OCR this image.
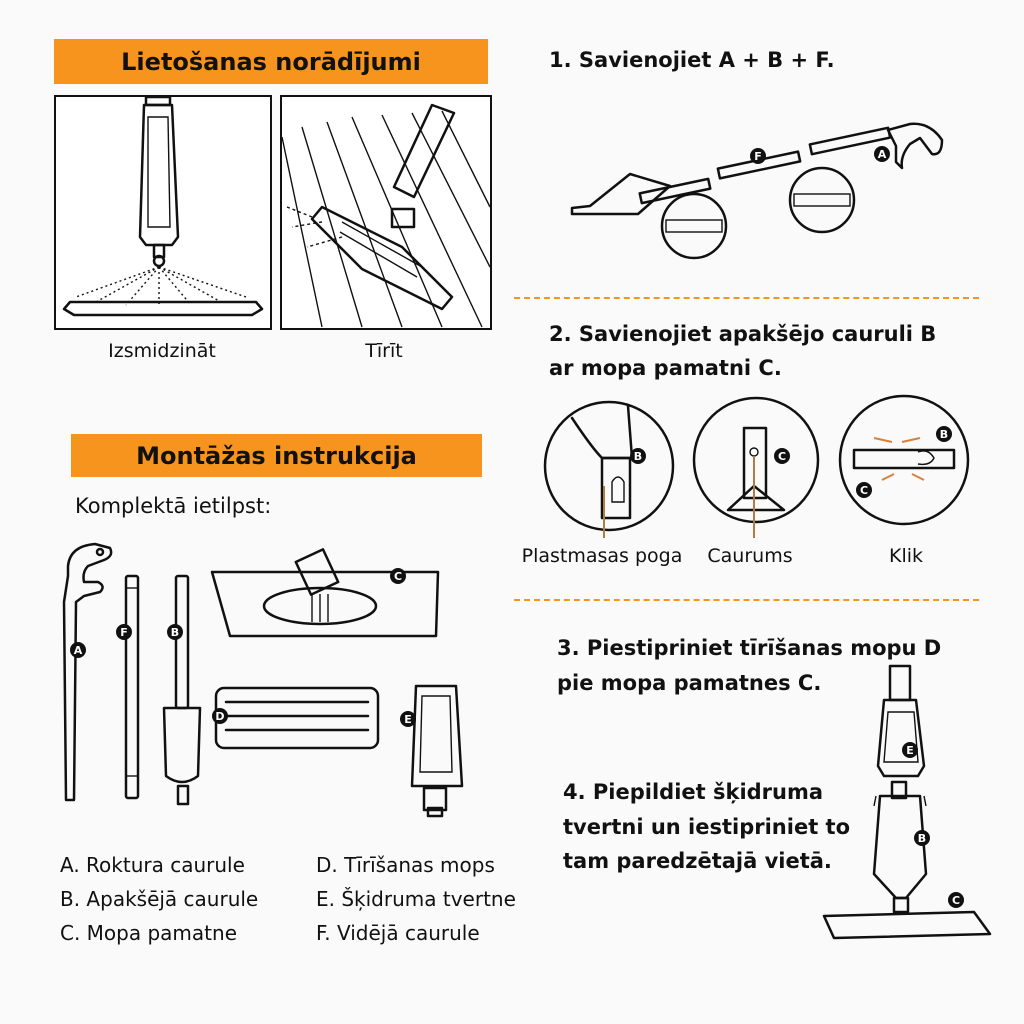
Lietošanas norādījumi
Izsmidzināt	Tīrīt
Montāžas instrukcija
Komplektā ietilpst:
A
F	B
C
D	E
A. Roktura caurule
B. Apakšējā caurule
C. Mopa pamatne
D. Tīrīšanas mops
E. Šķidruma tvertne
F. Vidējā caurule
1. Savienojiet A + B + F.
F	A
2. Savienojiet apakšējo cauruli B
ar mopa pamatni C.
B	C
B
C
Plastmasas poga	Caurums	Klik
3. Piestipriniet tīrīšanas mopu D
pie mopa pamatnes C.
4. Piepildiet šķidruma
tvertni un iestipriniet to
tam paredzētajā vietā.
E
B
C
